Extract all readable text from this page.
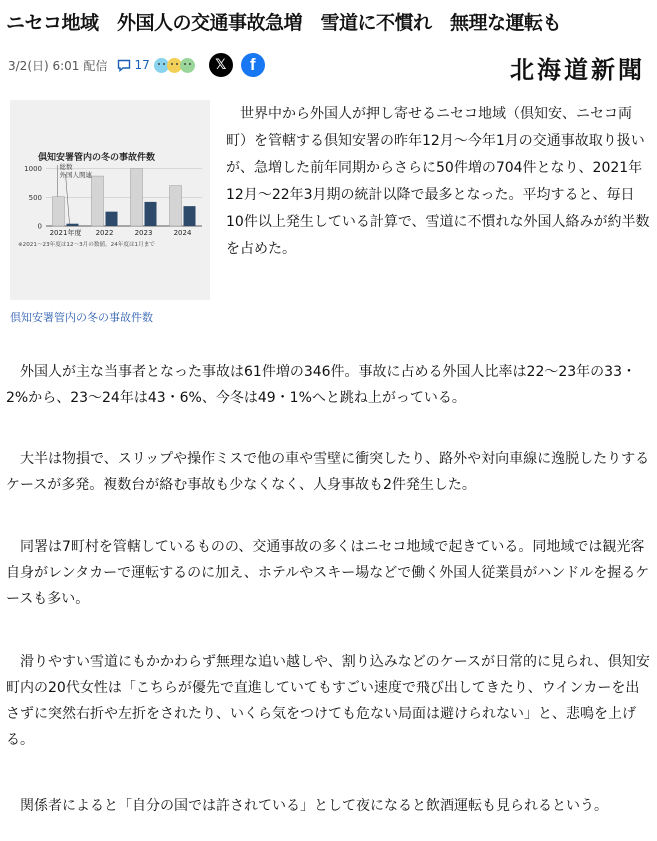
ニセコ地域　外国人の交通事故急増　雪道に不慣れ　無理な運転も
3/2(日) 6:01 配信 17	𝕏	f	北海道新聞
倶知安署管内の冬の事故件数
0
500
1000
2021年度 2022	2023	2024
総数
外国人関連
※2021～23年度は12～3月の数値。24年度は1月まで
倶知安署管内の冬の事故件数
世界中から外国人が押し寄せるニセコ地域（倶知安、ニセコ両町）を管轄する倶知安署の昨年12月～今年1月の交通事故取り扱いが、急増した前年同期からさらに50件増の704件となり、2021年12月～22年3月期の統計以降で最多となった。平均すると、毎日10件以上発生している計算で、雪道に不慣れな外国人絡みが約半数を占めた。
外国人が主な当事者となった事故は61件増の346件。事故に占める外国人比率は22～23年の33・2%から、23～24年は43・6%、今冬は49・1%へと跳ね上がっている。
大半は物損で、スリップや操作ミスで他の車や雪壁に衝突したり、路外や対向車線に逸脱したりするケースが多発。複数台が絡む事故も少なくなく、人身事故も2件発生した。
同署は7町村を管轄しているものの、交通事故の多くはニセコ地域で起きている。同地域では観光客自身がレンタカーで運転するのに加え、ホテルやスキー場などで働く外国人従業員がハンドルを握るケースも多い。
滑りやすい雪道にもかかわらず無理な追い越しや、割り込みなどのケースが日常的に見られ、倶知安町内の20代女性は「こちらが優先で直進していてもすごい速度で飛び出してきたり、ウインカーを出さずに突然右折や左折をされたり、いくら気をつけても危ない局面は避けられない」と、悲鳴を上げる。
関係者によると「自分の国では許されている」として夜になると飲酒運転も見られるという。
